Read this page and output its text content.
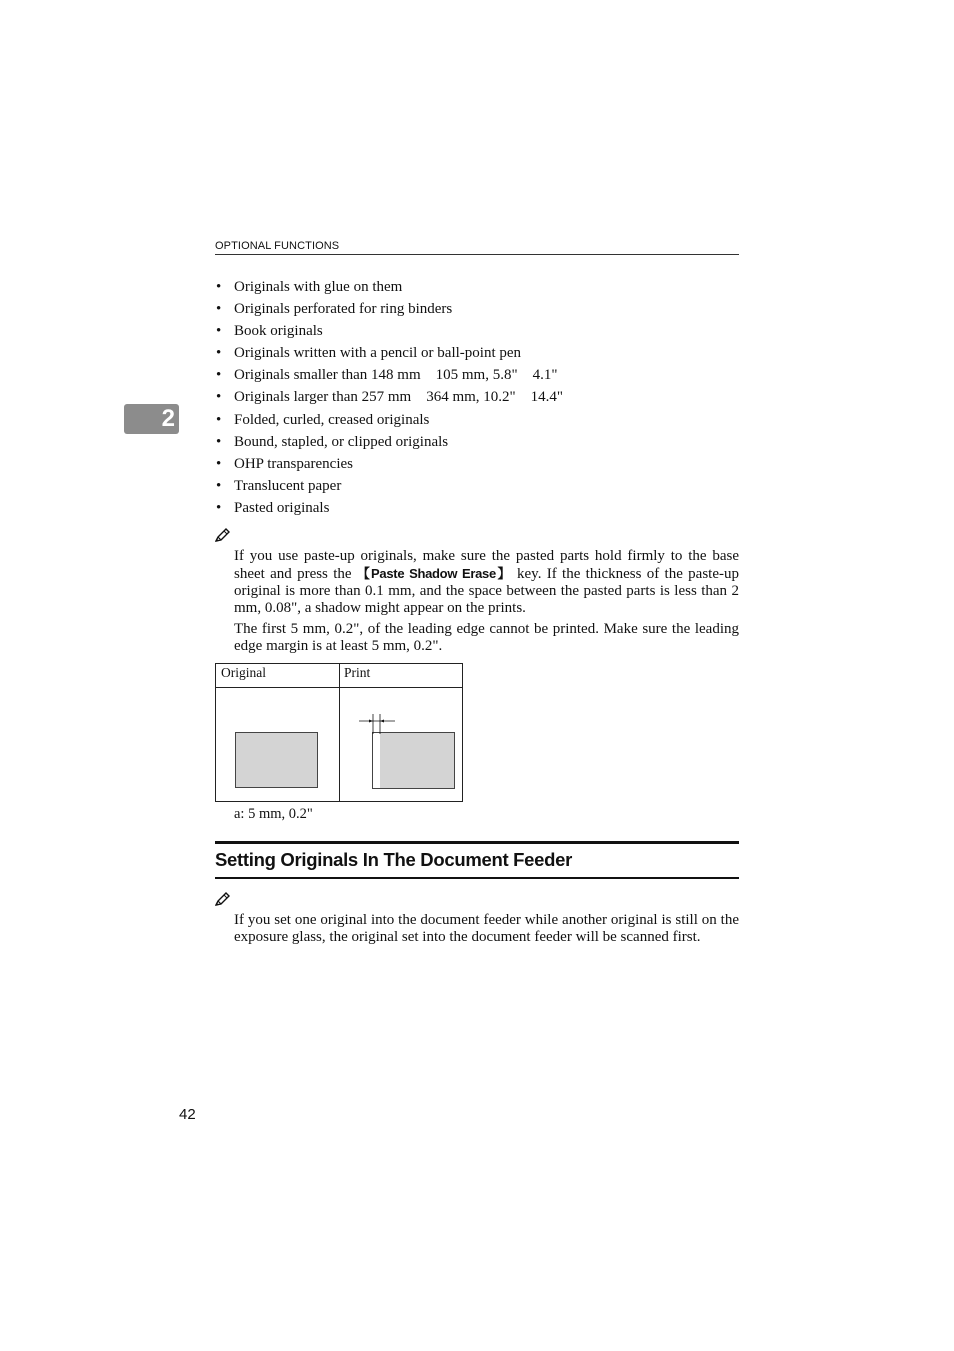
OPTIONAL FUNCTIONS
2
• Originals with glue on them
• Originals perforated for ring binders
• Book originals
• Originals written with a pencil or ball-point pen
• Originals smaller than 148 mm    105 mm, 5.8"    4.1"
• Originals larger than 257 mm    364 mm, 10.2"    14.4"
• Folded, curled, creased originals
• Bound, stapled, or clipped originals
• OHP transparencies
• Translucent paper
• Pasted originals

If you use paste-up originals, make sure the pasted parts hold firmly to the base sheet and press the 【Paste Shadow Erase】 key. If the thickness of the paste-up original is more than 0.1 mm, and the space between the pasted parts is less than 2 mm, 0.08", a shadow might appear on the prints.

The first 5 mm, 0.2", of the leading edge cannot be printed. Make sure the leading edge margin is at least 5 mm, 0.2".

Original	Print
a: 5 mm, 0.2"
Setting Originals In The Document Feeder

If you set one original into the document feeder while another original is still on the exposure glass, the original set into the document feeder will be scanned first.

42
